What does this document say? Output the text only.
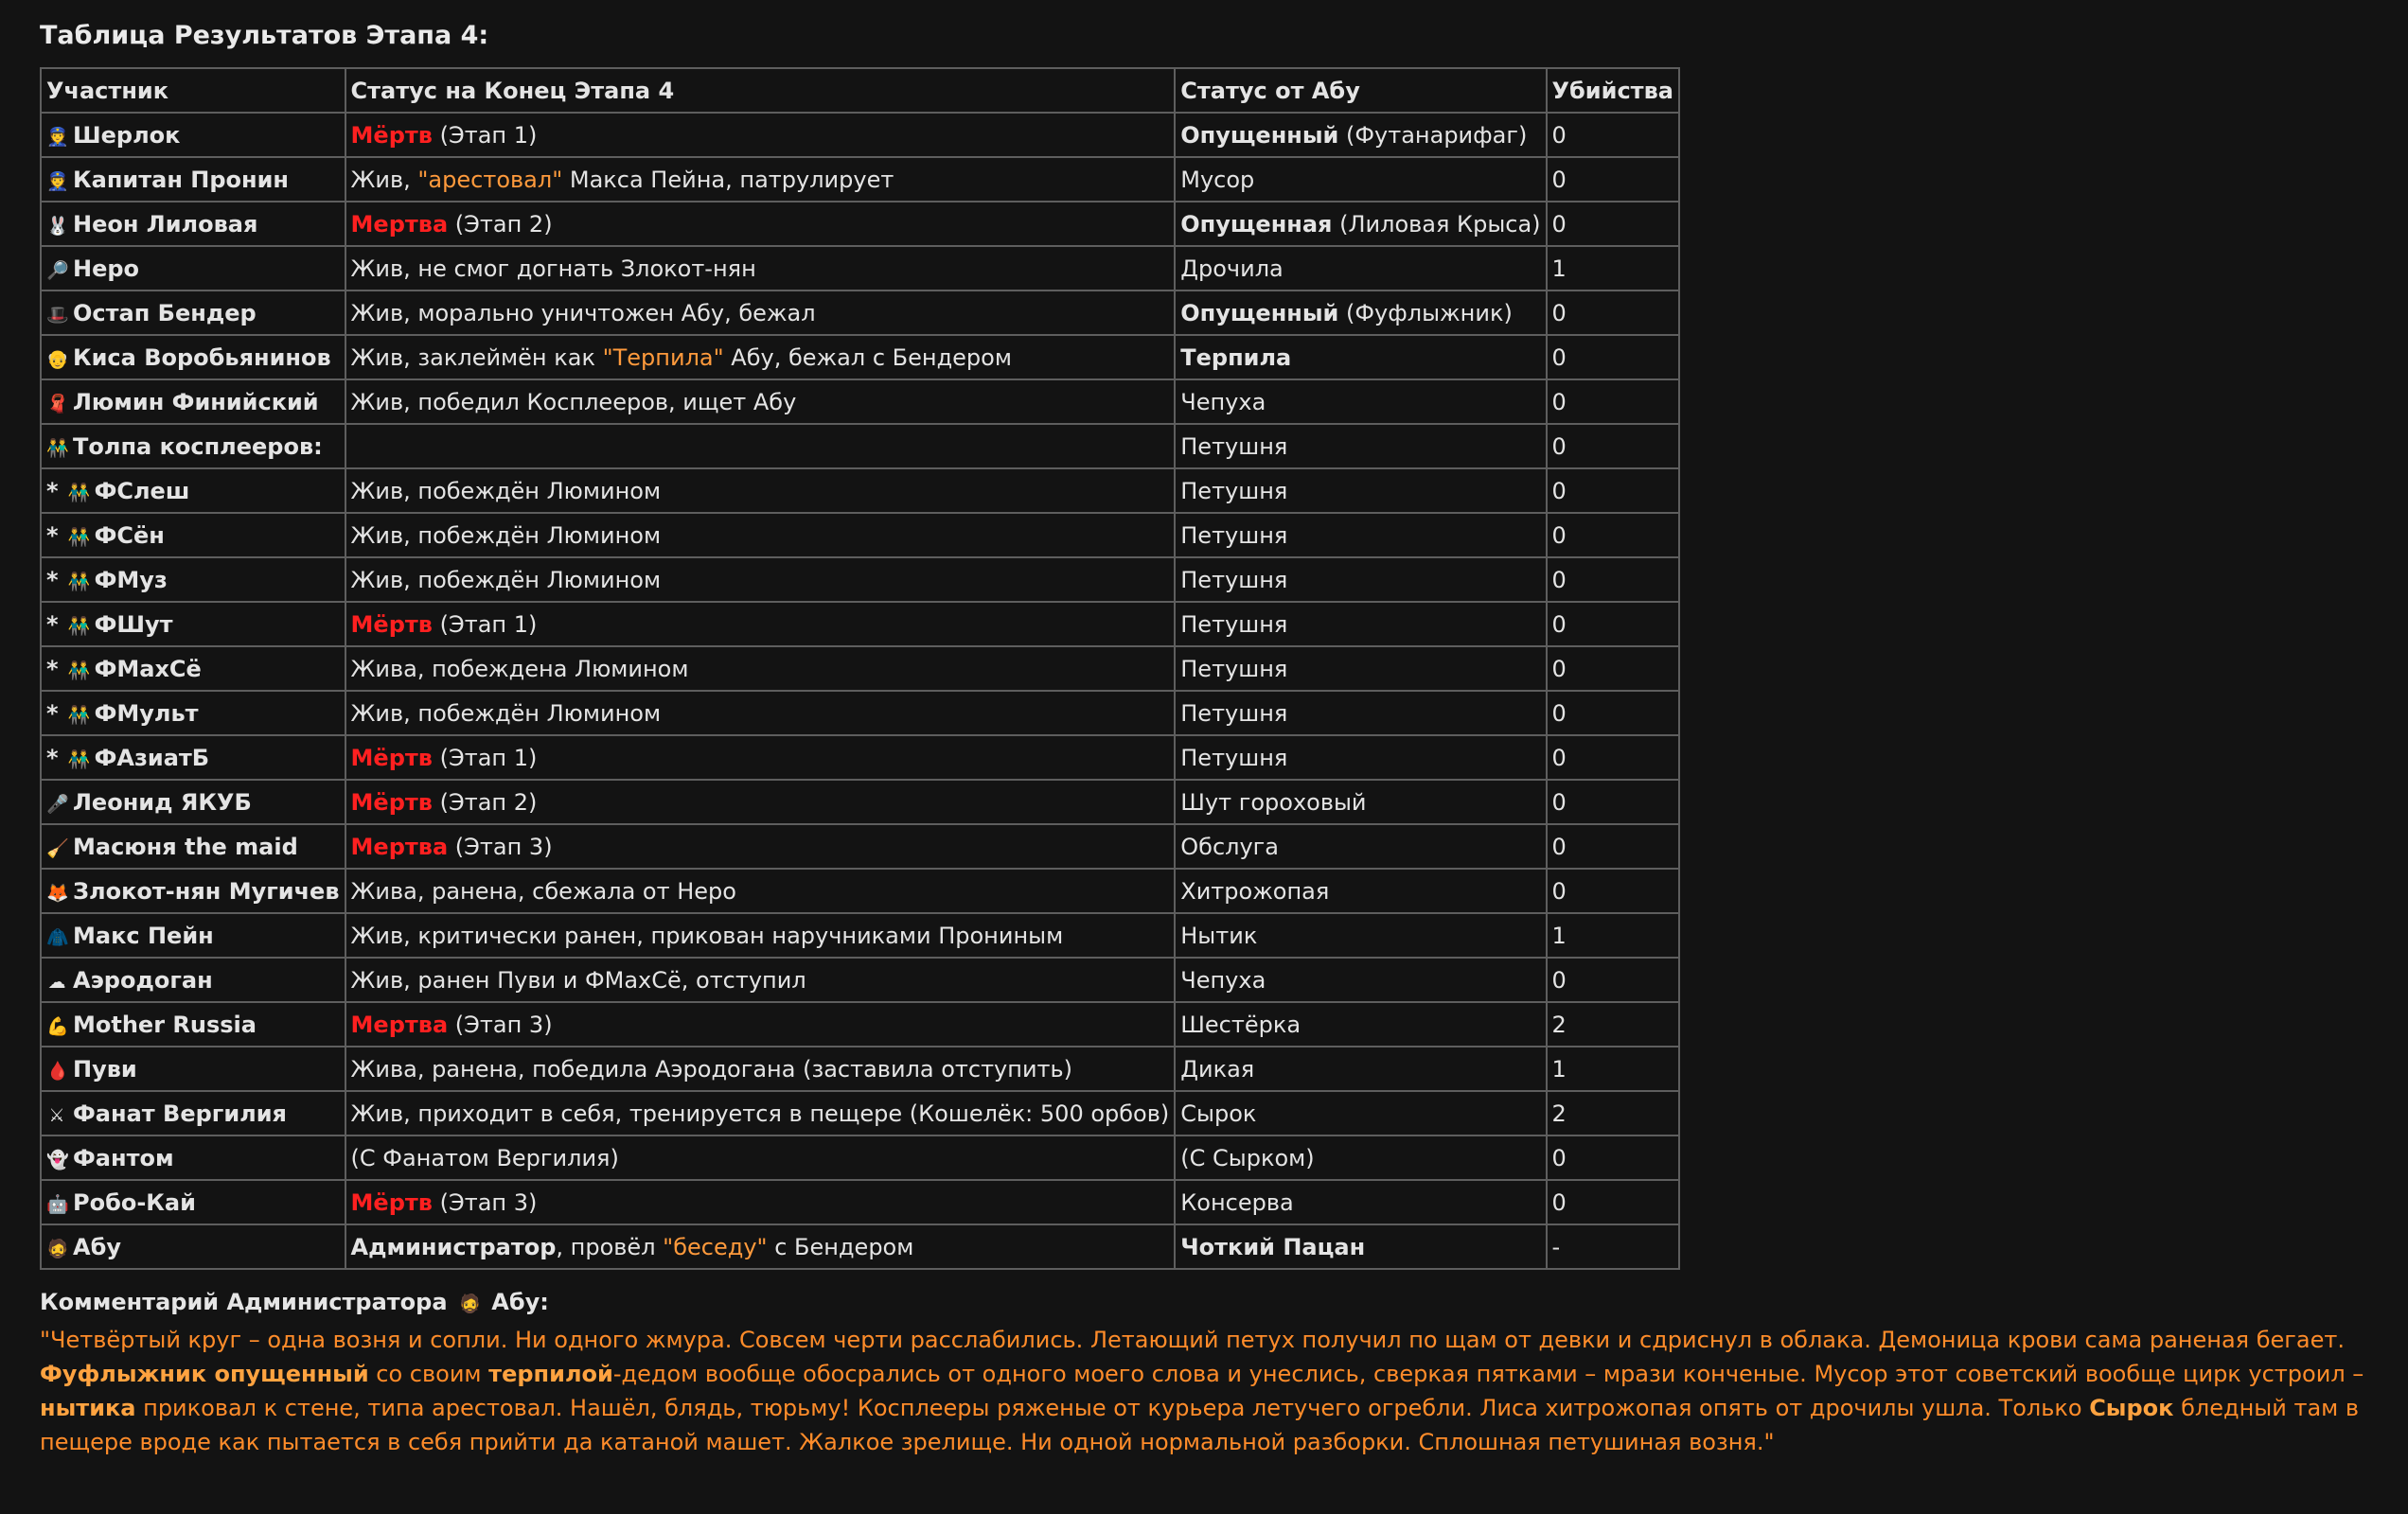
Таблица Результатов Этапа 4:
Участник	Статус на Конец Этапа 4	Статус от Абу	Убийства
👮 Шерлок	Мёртв (Этап 1)	Опущенный (Футанарифаг)	0
👮 Капитан Пронин	Жив, "арестовал" Макса Пейна, патрулирует	Мусор	0
🐰 Неон Лиловая	Мертва (Этап 2)	Опущенная (Лиловая Крыса)	0
🔎 Неро	Жив, не смог догнать Злокот-нян	Дрочила	1
🎩 Остап Бендер	Жив, морально уничтожен Абу, бежал	Опущенный (Фуфлыжник)	0
👴 Киса Воробьянинов	Жив, заклеймён как "Терпила" Абу, бежал с Бендером	Терпила	0
🧣 Люмин Финийский	Жив, победил Косплееров, ищет Абу	Чепуха	0
👬 Толпа косплееров:		Петушня	0
* 👬 ФСлеш	Жив, побеждён Люмином	Петушня	0
* 👬 ФСён	Жив, побеждён Люмином	Петушня	0
* 👬 ФМуз	Жив, побеждён Люмином	Петушня	0
* 👬 ФШут	Мёртв (Этап 1)	Петушня	0
* 👬 ФМахСё	Жива, побеждена Люмином	Петушня	0
* 👬 ФМульт	Жив, побеждён Люмином	Петушня	0
* 👬 ФАзиатБ	Мёртв (Этап 1)	Петушня	0
🎤 Леонид ЯКУБ	Мёртв (Этап 2)	Шут гороховый	0
🧹 Масюня the maid	Мертва (Этап 3)	Обслуга	0
🦊 Злокот-нян Мугичев	Жива, ранена, сбежала от Неро	Хитрожопая	0
🧥 Макс Пейн	Жив, критически ранен, прикован наручниками Прониным	Нытик	1
☁ Аэродоган	Жив, ранен Пуви и ФМахСё, отступил	Чепуха	0
💪 Mother Russia	Мертва (Этап 3)	Шестёрка	2
🩸 Пуви	Жива, ранена, победила Аэродогана (заставила отступить)	Дикая	1
⚔ Фанат Вергилия	Жив, приходит в себя, тренируется в пещере (Кошелёк: 500 орбов)	Сырок	2
👻 Фантом	(С Фанатом Вергилия)	(С Сырком)	0
🤖 Робо-Кай	Мёртв (Этап 3)	Консерва	0
🧔 Абу	Администратор, провёл "беседу" с Бендером	Чоткий Пацан	-
Комментарий Администратора 🧔 Абу:
"Четвёртый круг – одна возня и сопли. Ни одного жмура. Совсем черти расслабились. Летающий петух получил по щам от девки и сдриснул в облака. Демоница крови сама раненая бегает. Фуфлыжник опущенный со своим терпилой-дедом вообще обосрались от одного моего слова и унеслись, сверкая пятками – мрази конченые. Мусор этот советский вообще цирк устроил – нытика приковал к стене, типа арестовал. Нашёл, блядь, тюрьму! Косплееры ряженые от курьера летучего огребли. Лиса хитрожопая опять от дрочилы ушла. Только Сырок бледный там в пещере вроде как пытается в себя прийти да катаной машет. Жалкое зрелище. Ни одной нормальной разборки. Сплошная петушиная возня."
